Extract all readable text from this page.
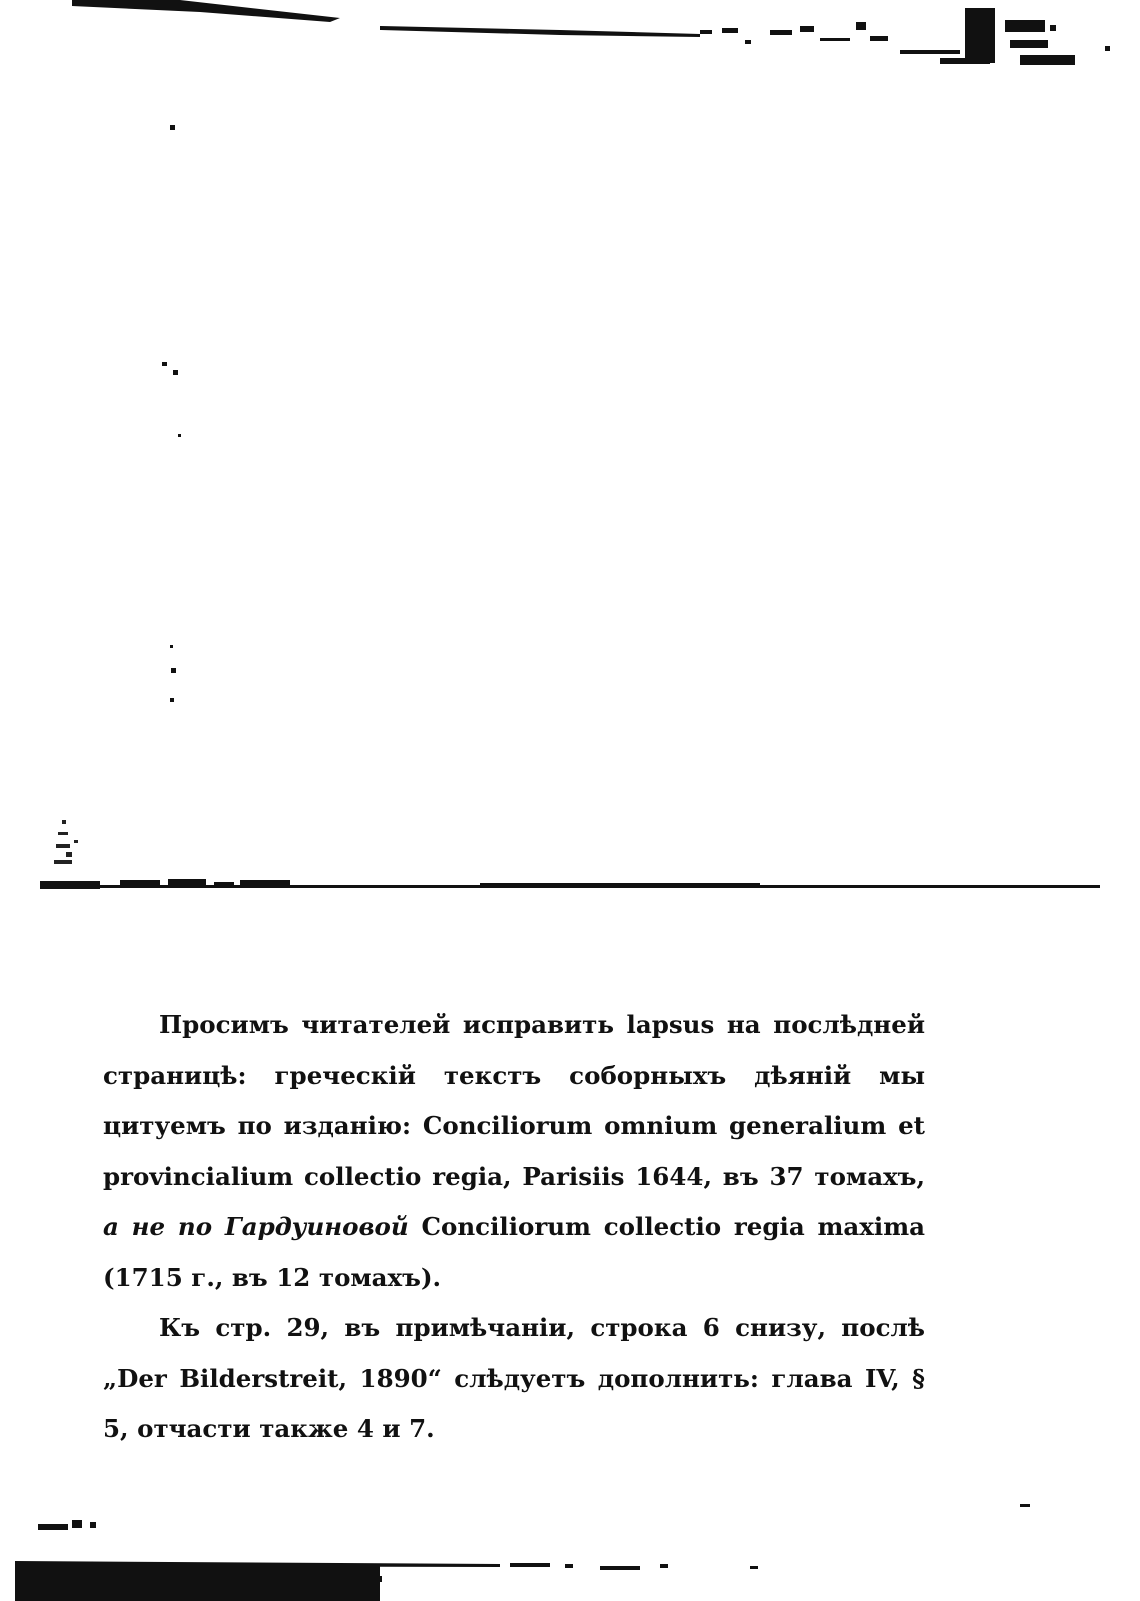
Просимъ читателей исправить lapsus на послѣдней страницѣ: греческій текстъ соборныхъ дѣяній мы цитуемъ по изданію: Conciliorum omnium generalium et provincialium collectio regia, Parisiis 1644, въ 37 томахъ, а не по Гардуиновой Conciliorum collectio regia maxima (1715 г., въ 12 томахъ).

Къ стр. 29, въ примѣчаніи, строка 6 снизу, послѣ „Der Bilderstreit, 1890“ слѣдуетъ дополнить: глава IV, § 5, отчасти также 4 и 7.
